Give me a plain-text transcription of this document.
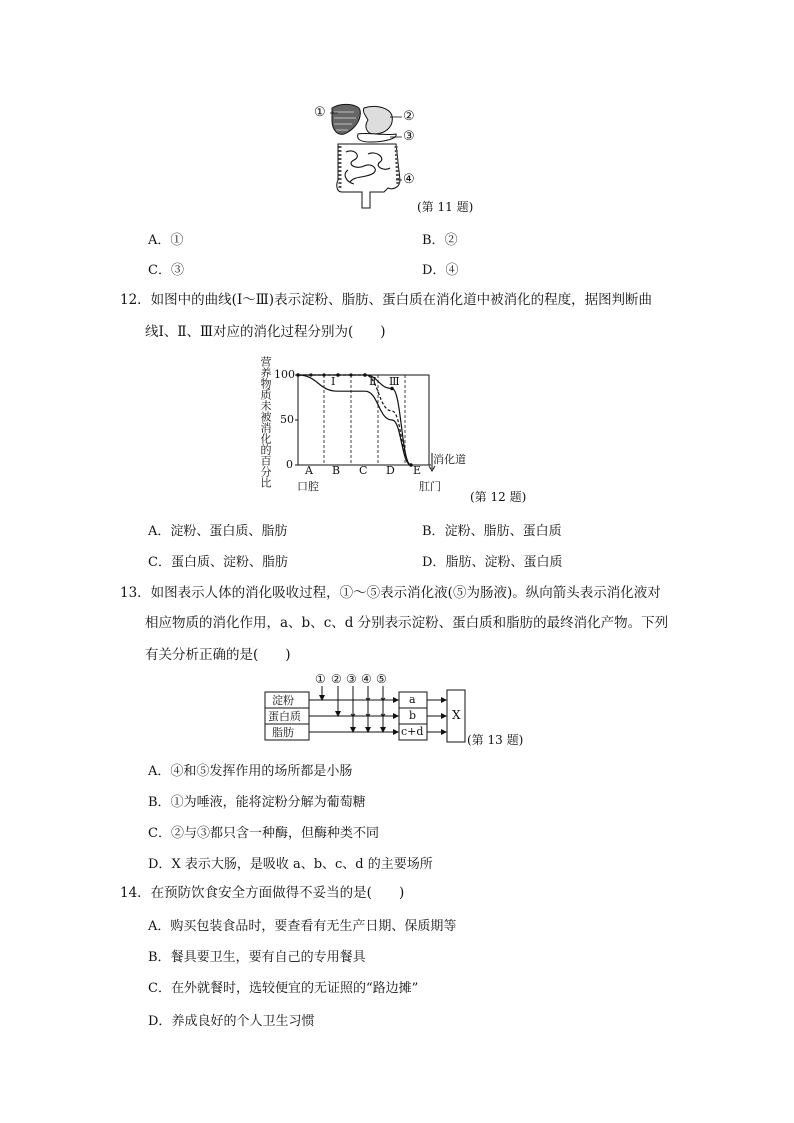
①	②
③
④
(第 11 题)
A．①	B．②
C．③	D．④
12．如图中的曲线(Ⅰ～Ⅲ)表示淀粉、脂肪、蛋白质在消化道中被消化的程度，据图判断曲
线Ⅰ、Ⅱ、Ⅲ对应的消化过程分别为(　　)
营养物质未被消化的百分比 100
50
0 A B C D E
消化道
口腔	肛门
Ⅰ	Ⅱ Ⅲ
(第 12 题)
A．淀粉、蛋白质、脂肪	B．淀粉、脂肪、蛋白质
C．蛋白质、淀粉、脂肪	D．脂肪、淀粉、蛋白质
13．如图表示人体的消化吸收过程，①～⑤表示消化液(⑤为肠液)。纵向箭头表示消化液对
相应物质的消化作用，a、b、c、d 分别表示淀粉、蛋白质和脂肪的最终消化产物。下列
有关分析正确的是(　　)
淀粉
蛋白质
脂肪
① ② ③ ④ ⑤
a
b
c+d
X
(第 13 题)
A．④和⑤发挥作用的场所都是小肠
B．①为唾液，能将淀粉分解为葡萄糖
C．②与③都只含一种酶，但酶种类不同
D．X 表示大肠，是吸收 a、b、c、d 的主要场所
14．在预防饮食安全方面做得不妥当的是(　　)
A．购买包装食品时，要查看有无生产日期、保质期等
B．餐具要卫生，要有自己的专用餐具
C．在外就餐时，选较便宜的无证照的“路边摊”
D．养成良好的个人卫生习惯
